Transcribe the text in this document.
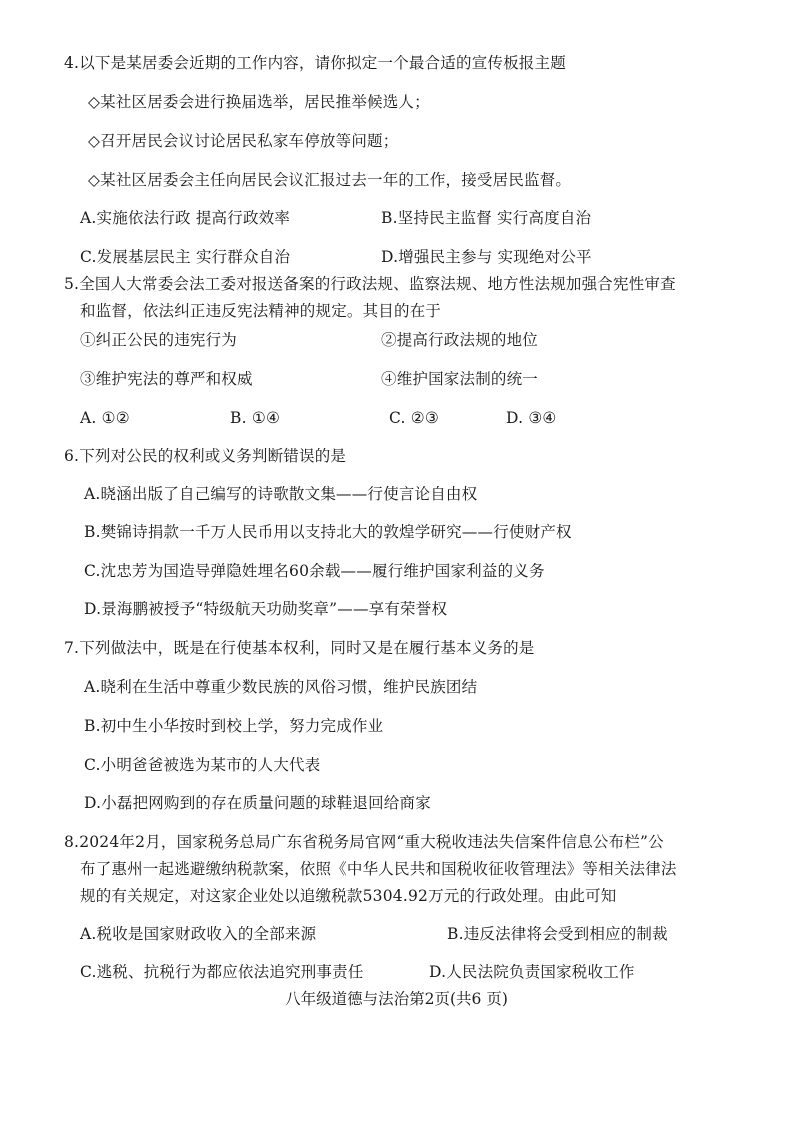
4.以下是某居委会近期的工作内容，请你拟定一个最合适的宣传板报主题
◇某社区居委会进行换届选举，居民推举候选人；
◇召开居民会议讨论居民私家车停放等问题；
◇某社区居委会主任向居民会议汇报过去一年的工作，接受居民监督。
A.实施依法行政 提高行政效率	B.坚持民主监督 实行高度自治
C.发展基层民主 实行群众自治	D.增强民主参与 实现绝对公平
5.全国人大常委会法工委对报送备案的行政法规、监察法规、地方性法规加强合宪性审查
和监督，依法纠正违反宪法精神的规定。其目的在于
①纠正公民的违宪行为	②提高行政法规的地位
③维护宪法的尊严和权威	④维护国家法制的统一
A. ①②	B. ①④	C. ②③	D. ③④
6.下列对公民的权利或义务判断错误的是
A.晓涵出版了自己编写的诗歌散文集——行使言论自由权
B.樊锦诗捐款一千万人民币用以支持北大的敦煌学研究——行使财产权
C.沈忠芳为国造导弹隐姓埋名60余载——履行维护国家利益的义务
D.景海鹏被授予“特级航天功勋奖章”——享有荣誉权
7.下列做法中，既是在行使基本权利，同时又是在履行基本义务的是
A.晓利在生活中尊重少数民族的风俗习惯，维护民族团结
B.初中生小华按时到校上学，努力完成作业
C.小明爸爸被选为某市的人大代表
D.小磊把网购到的存在质量问题的球鞋退回给商家
8.2024年2月，国家税务总局广东省税务局官网“重大税收违法失信案件信息公布栏”公
布了惠州一起逃避缴纳税款案，依照《中华人民共和国税收征收管理法》等相关法律法
规的有关规定，对这家企业处以追缴税款5304.92万元的行政处理。由此可知
A.税收是国家财政收入的全部来源	B.违反法律将会受到相应的制裁
C.逃税、抗税行为都应依法追究刑事责任	D.人民法院负责国家税收工作
八年级道德与法治第2页(共6 页)
